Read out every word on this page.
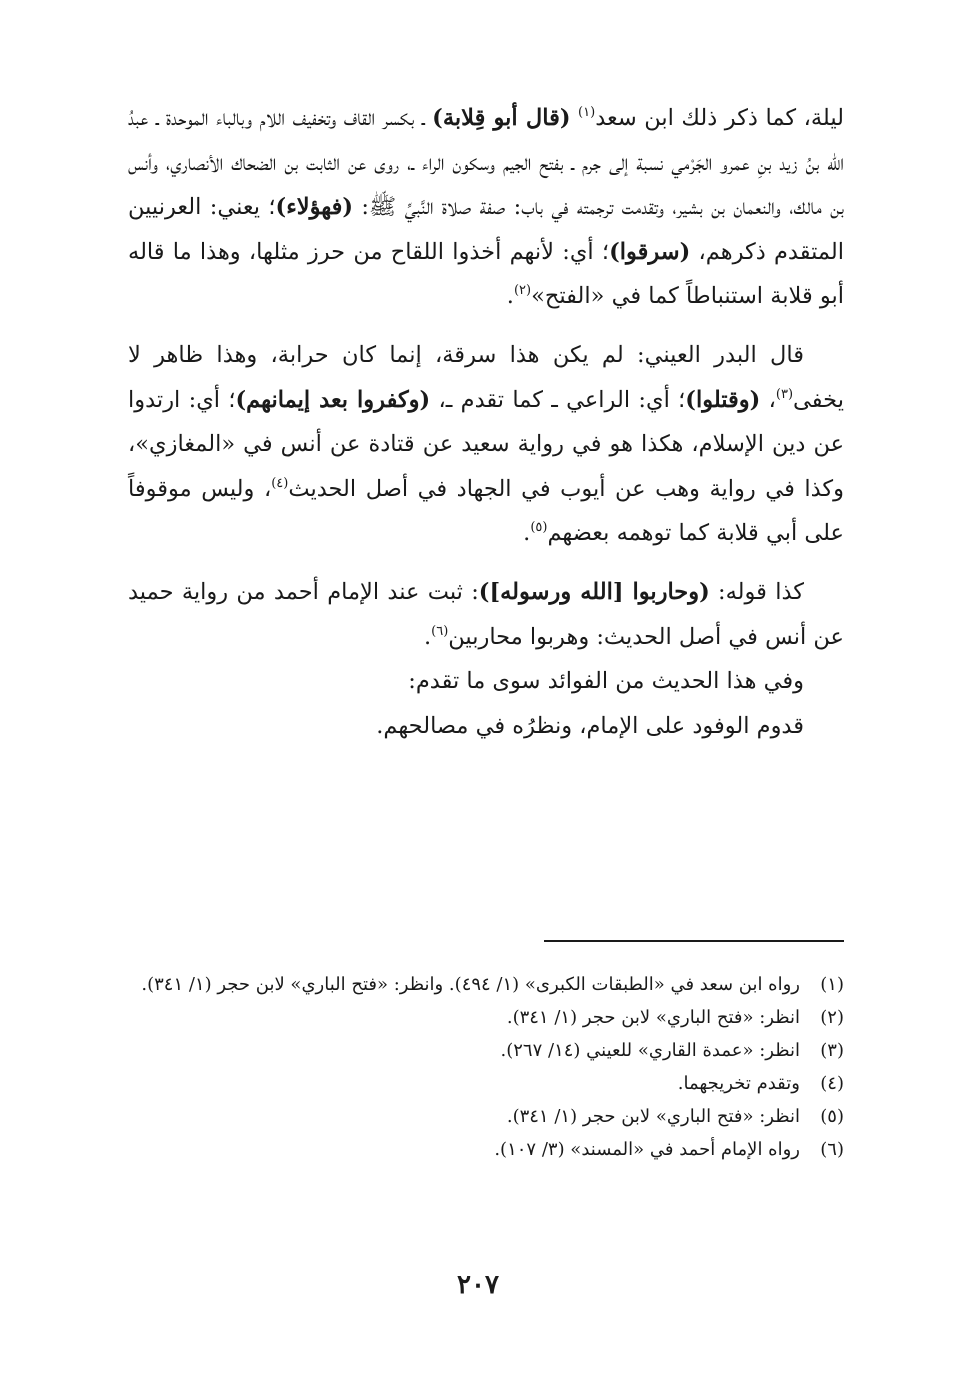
ليلة، كما ذكر ذلك ابن سعد$^{(١)}$ (قال أبو قِلابة) ـ بكسر القاف وتخفيف اللام وبالباء الموحدة ـ عبدُ الله بنُ زيد بنِ عمرو الجَرْمي نسبة إلى جرم ـ بفتح الجيم وسكون الراء ـ، روى عن الثابت بن الضحاك الأنصاري، وأنس بن مالك، والنعمان بن بشير، وتقدمت ترجمته في باب: صفة صلاة النَّبيِّ ﷺ: (فهؤلاء)؛ يعني: العرنيين المتقدم ذكرهم، (سرقوا)؛ أي: لأنهم أخذوا اللقاح من حرز مثلها، وهذا ما قاله أبو قلابة استنباطاً كما في «الفتح»$^{(٢)}$.

قال البدر العيني: لم يكن هذا سرقة، إنما كان حرابة، وهذا ظاهر لا يخفى$^{(٣)}$، (وقتلوا)؛ أي: الراعي ـ كما تقدم ـ، (وكفروا بعد إيمانهم)؛ أي: ارتدوا عن دين الإسلام، هكذا هو في رواية سعيد عن قتادة عن أنس في «المغازي»، وكذا في رواية وهب عن أيوب في الجهاد في أصل الحديث$^{(٤)}$، وليس موقوفاً على أبي قلابة كما توهمه بعضهم$^{(٥)}$.

كذا قوله: (وحاربوا [الله ورسوله]): ثبت عند الإمام أحمد من رواية حميد عن أنس في أصل الحديث: وهربوا محاربين$^{(٦)}$.

وفي هذا الحديث من الفوائد سوى ما تقدم:

قدوم الوفود على الإمام، ونظرُه في مصالحهم.

(١)
رواه ابن سعد في «الطبقات الكبرى» (١/ ٤٩٤). وانظر: «فتح الباري» لابن حجر (١/ ٣٤١).
(٢)
انظر: «فتح الباري» لابن حجر (١/ ٣٤١).
(٣)
انظر: «عمدة القاري» للعيني (١٤/ ٢٦٧).
(٤)
وتقدم تخريجهما.
(٥)
انظر: «فتح الباري» لابن حجر (١/ ٣٤١).
(٦)
رواه الإمام أحمد في «المسند» (٣/ ١٠٧).
٢٠٧
